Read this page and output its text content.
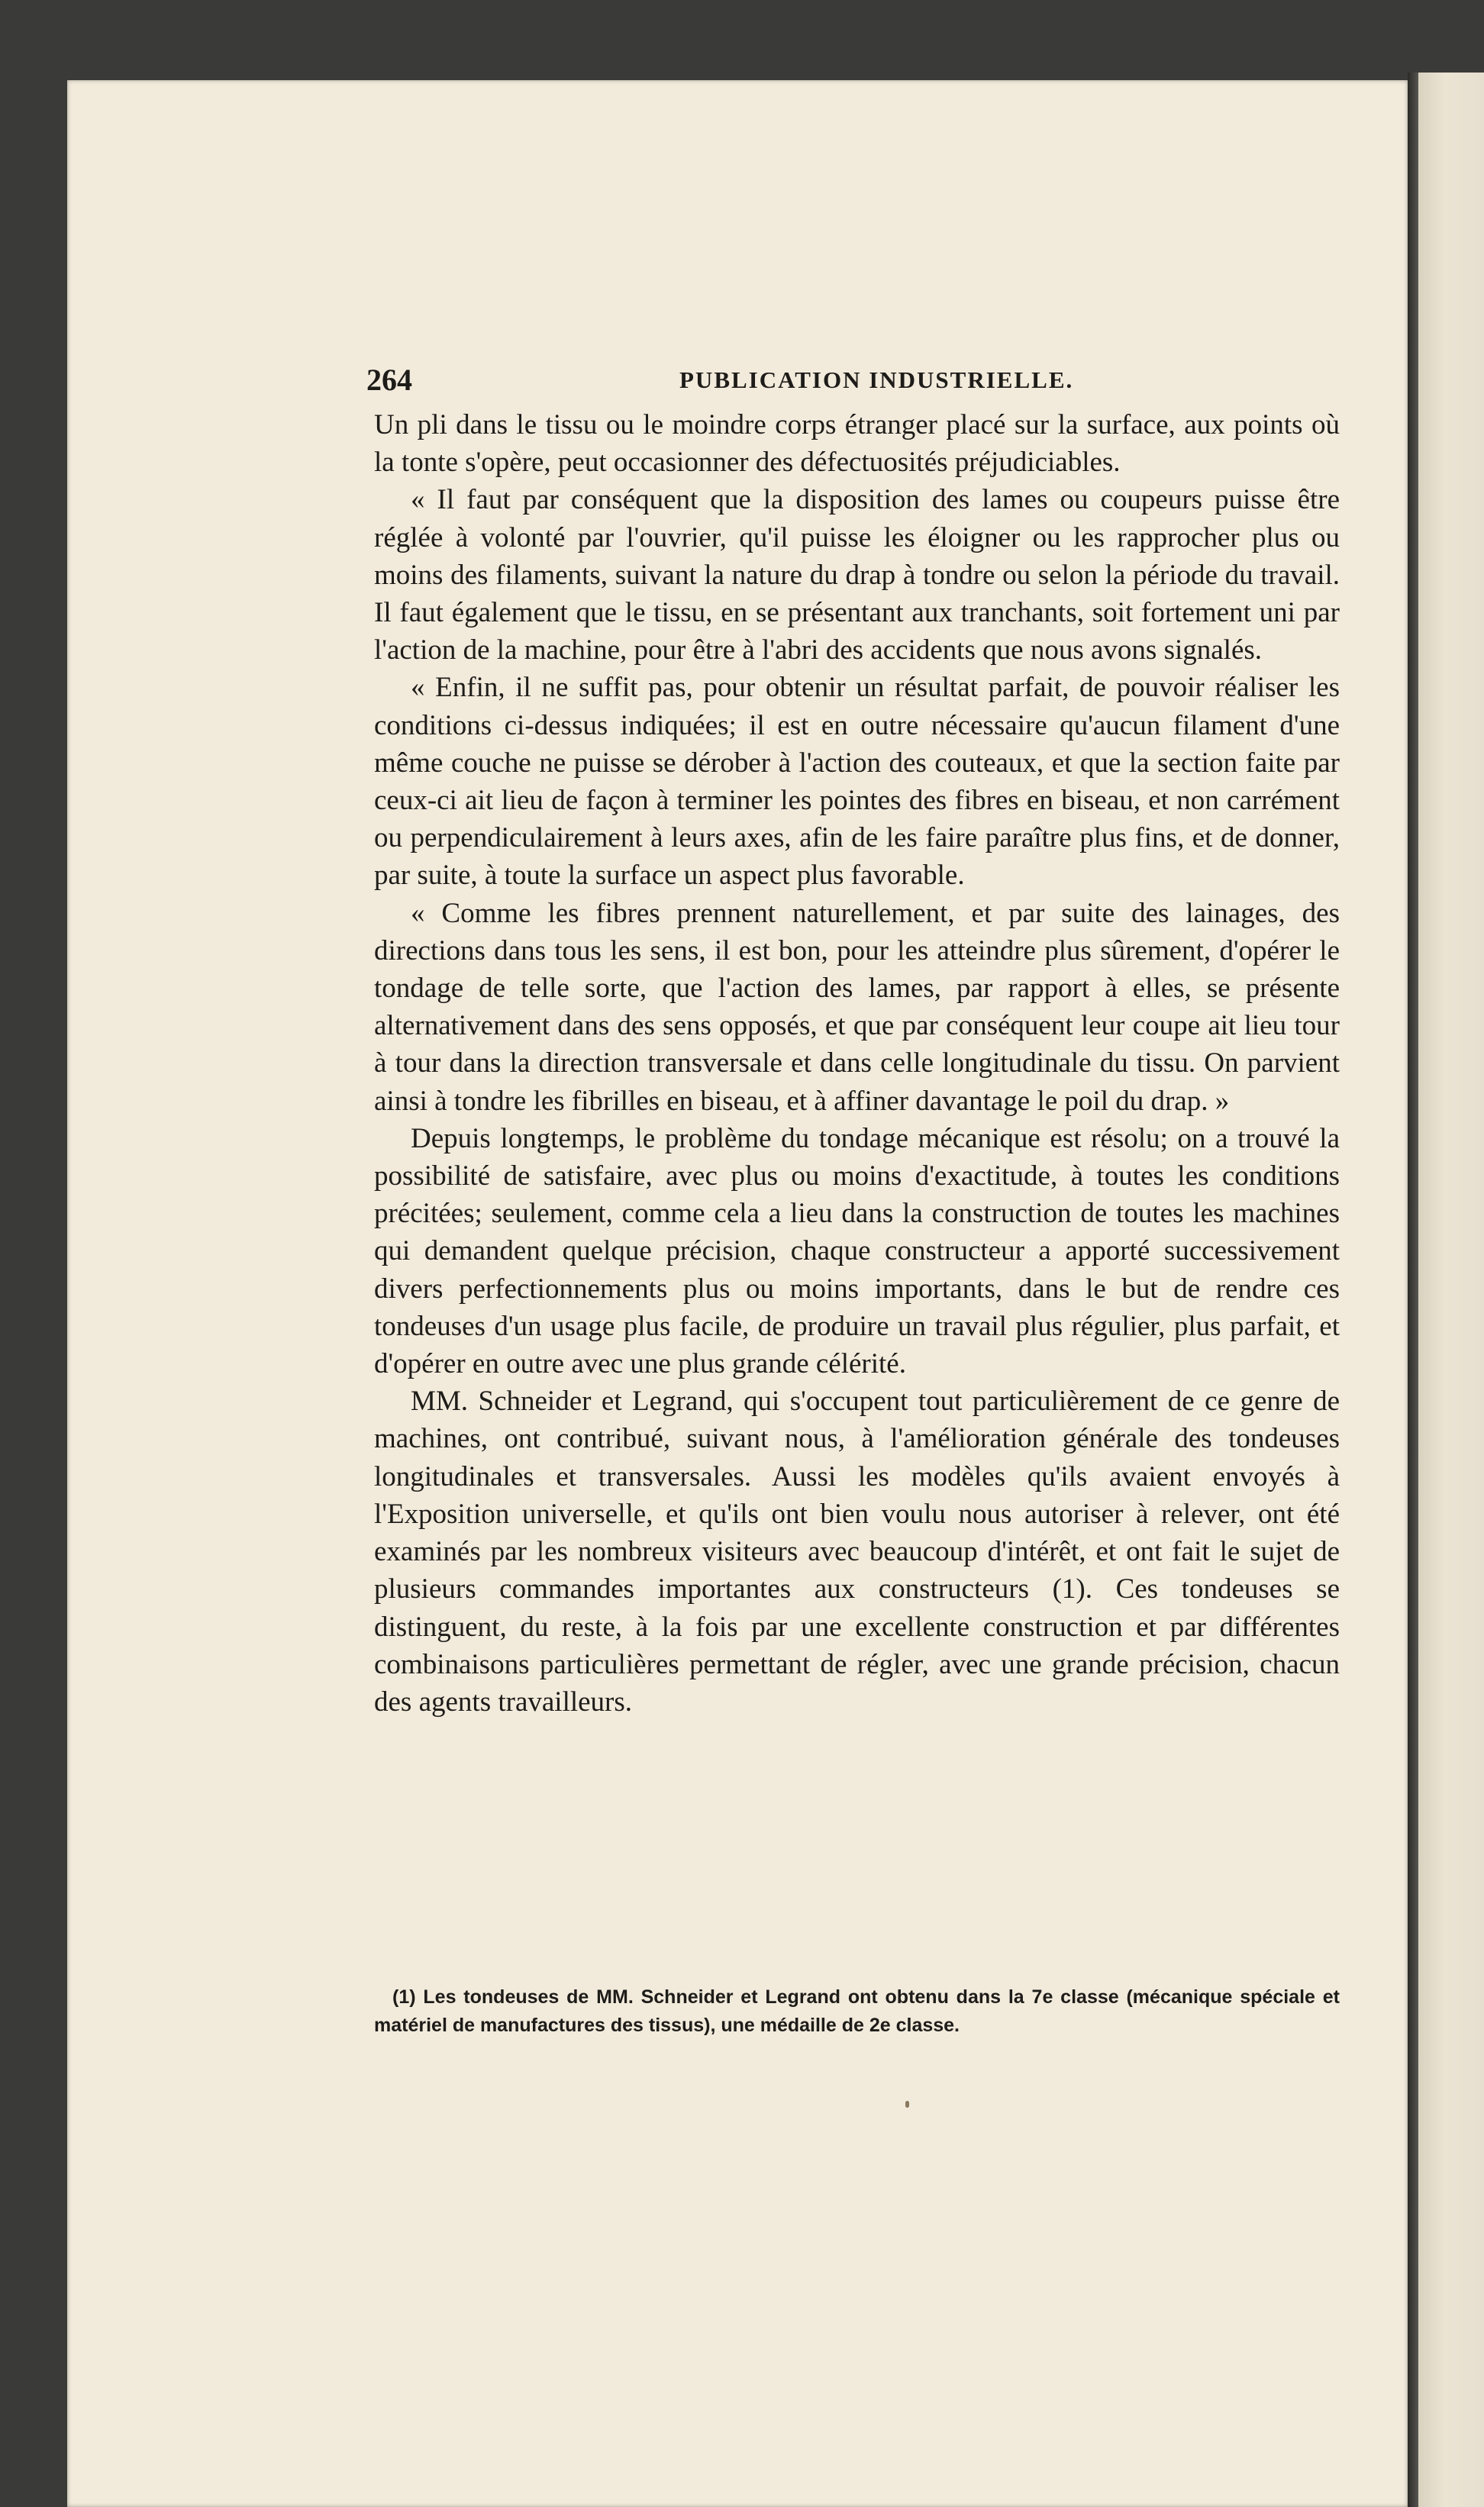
264	PUBLICATION INDUSTRIELLE.

Un pli dans le tissu ou le moindre corps étranger placé sur la surface, aux points où la tonte s'opère, peut occasionner des défectuosités préjudiciables.

« Il faut par conséquent que la disposition des lames ou coupeurs puisse être réglée à volonté par l'ouvrier, qu'il puisse les éloigner ou les rapprocher plus ou moins des filaments, suivant la nature du drap à tondre ou selon la période du travail. Il faut également que le tissu, en se présentant aux tranchants, soit fortement uni par l'action de la machine, pour être à l'abri des accidents que nous avons signalés.

« Enfin, il ne suffit pas, pour obtenir un résultat parfait, de pouvoir réaliser les conditions ci-dessus indiquées; il est en outre nécessaire qu'aucun filament d'une même couche ne puisse se dérober à l'action des couteaux, et que la section faite par ceux-ci ait lieu de façon à terminer les pointes des fibres en biseau, et non carrément ou perpendiculairement à leurs axes, afin de les faire paraître plus fins, et de donner, par suite, à toute la surface un aspect plus favorable.

« Comme les fibres prennent naturellement, et par suite des lainages, des directions dans tous les sens, il est bon, pour les atteindre plus sûrement, d'opérer le tondage de telle sorte, que l'action des lames, par rapport à elles, se présente alternativement dans des sens opposés, et que par conséquent leur coupe ait lieu tour à tour dans la direction transversale et dans celle longitudinale du tissu. On parvient ainsi à tondre les fibrilles en biseau, et à affiner davantage le poil du drap. »

Depuis longtemps, le problème du tondage mécanique est résolu; on a trouvé la possibilité de satisfaire, avec plus ou moins d'exactitude, à toutes les conditions précitées; seulement, comme cela a lieu dans la construction de toutes les machines qui demandent quelque précision, chaque constructeur a apporté successivement divers perfectionnements plus ou moins importants, dans le but de rendre ces tondeuses d'un usage plus facile, de produire un travail plus régulier, plus parfait, et d'opérer en outre avec une plus grande célérité.

MM. Schneider et Legrand, qui s'occupent tout particulièrement de ce genre de machines, ont contribué, suivant nous, à l'amélioration générale des tondeuses longitudinales et transversales. Aussi les modèles qu'ils avaient envoyés à l'Exposition universelle, et qu'ils ont bien voulu nous autoriser à relever, ont été examinés par les nombreux visiteurs avec beaucoup d'intérêt, et ont fait le sujet de plusieurs commandes importantes aux constructeurs (1). Ces tondeuses se distinguent, du reste, à la fois par une excellente construction et par différentes combinaisons particulières permettant de régler, avec une grande précision, chacun des agents travailleurs.

(1) Les tondeuses de MM. Schneider et Legrand ont obtenu dans la 7e classe (mécanique spéciale et matériel de manufactures des tissus), une médaille de 2e classe.
